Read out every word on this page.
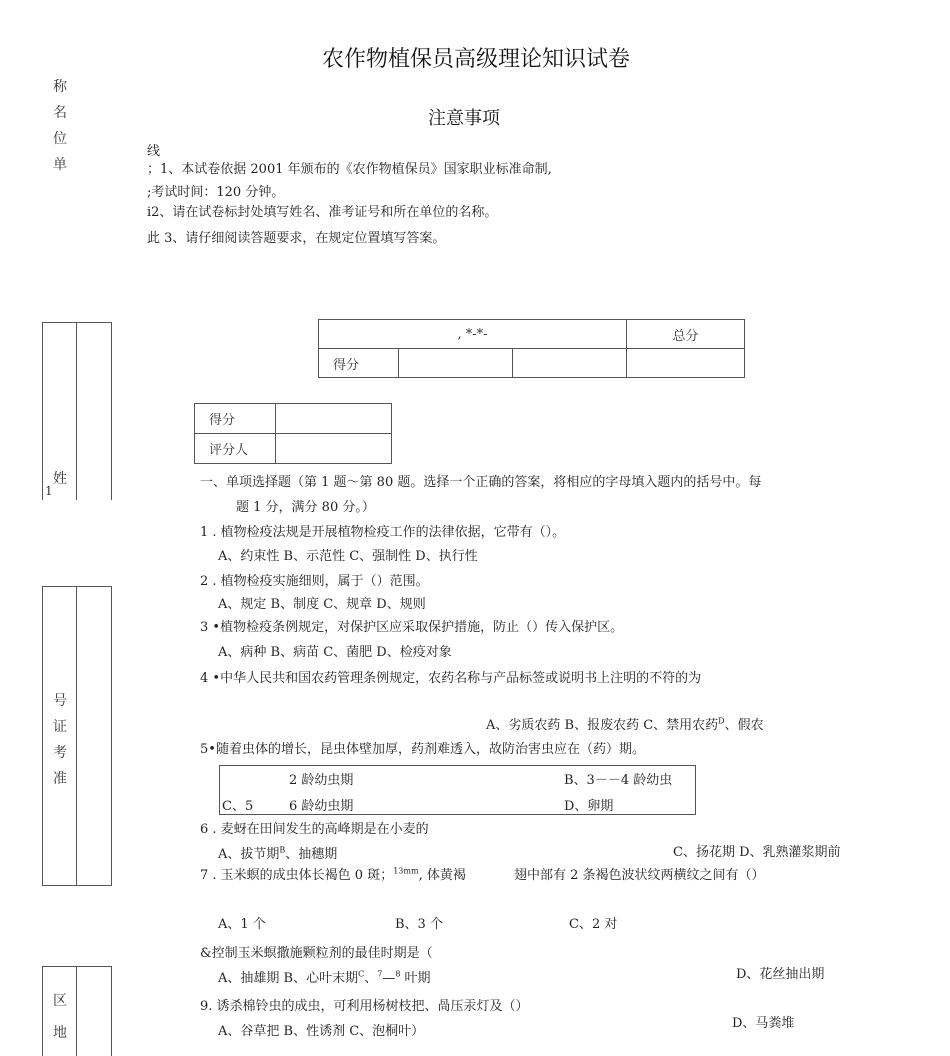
农作物植保员高级理论知识试卷
注意事项
称
名
位
单
线
；1、本试卷依据 2001 年颁布的《农作物植保员》国家职业标准命制,
;考试时间：120 分钟。
i2、请在试卷标封处填写姓名、准考证号和所在单位的名称。
此 3、请仔细阅读答题要求，在规定位置填写答案。
姓
1
号
证
考
准
区
地
, *-*-			总分
得分			
得分	
评分人	
一、单项选择题（第 1 题～第 80 题。选择一个正确的答案，将相应的字母填入题内的括号中。每
题 1 分，满分 80 分。）
1 . 植物检疫法规是开展植物检疫工作的法律依据，它带有（）。
A、约束性 B、示范性 C、强制性 D、执行性
2 . 植物检疫实施细则，属于（）范围。
A、规定 B、制度 C、规章 D、规则
3 •植物检疫条例规定，对保护区应采取保护措施，防止（）传入保护区。
A、病种 B、病苗 C、菌肥 D、检疫对象
4 •中华人民共和国农药管理条例规定，农药名称与产品标签或说明书上注明的不符的为
A、劣质农药 B、报废农药 C、禁用农药$^D$、假农
5•随着虫体的增长，昆虫体壁加厚，药剂难透入，故防治害虫应在（药）期。
2 龄幼虫期	B、3－－4 龄幼虫
C、5	6 龄幼虫期	D、卵期
6 . 麦蚜在田间发生的高峰期是在小麦的
A、拔节期$^B$、抽穗期	C、扬花期 D、乳熟灌浆期前
7 . 玉米螟的成虫体长褐色 0 斑；$^{13mm}$, 体黄褐	翅中部有 2 条褐色波状纹两横纹之间有（）
A、1 个	B、3 个	C、2 对
&控制玉米螟撒施颗粒剂的最佳时期是（
A、抽雄期 B、心叶末期$^C$、$^7$—$^8$ 叶期	D、花丝抽出期
9. 诱杀棉铃虫的成虫，可利用杨树枝把、咼压汞灯及（）
A、谷草把 B、性诱剂 C、泡桐叶）
D、马粪堆
